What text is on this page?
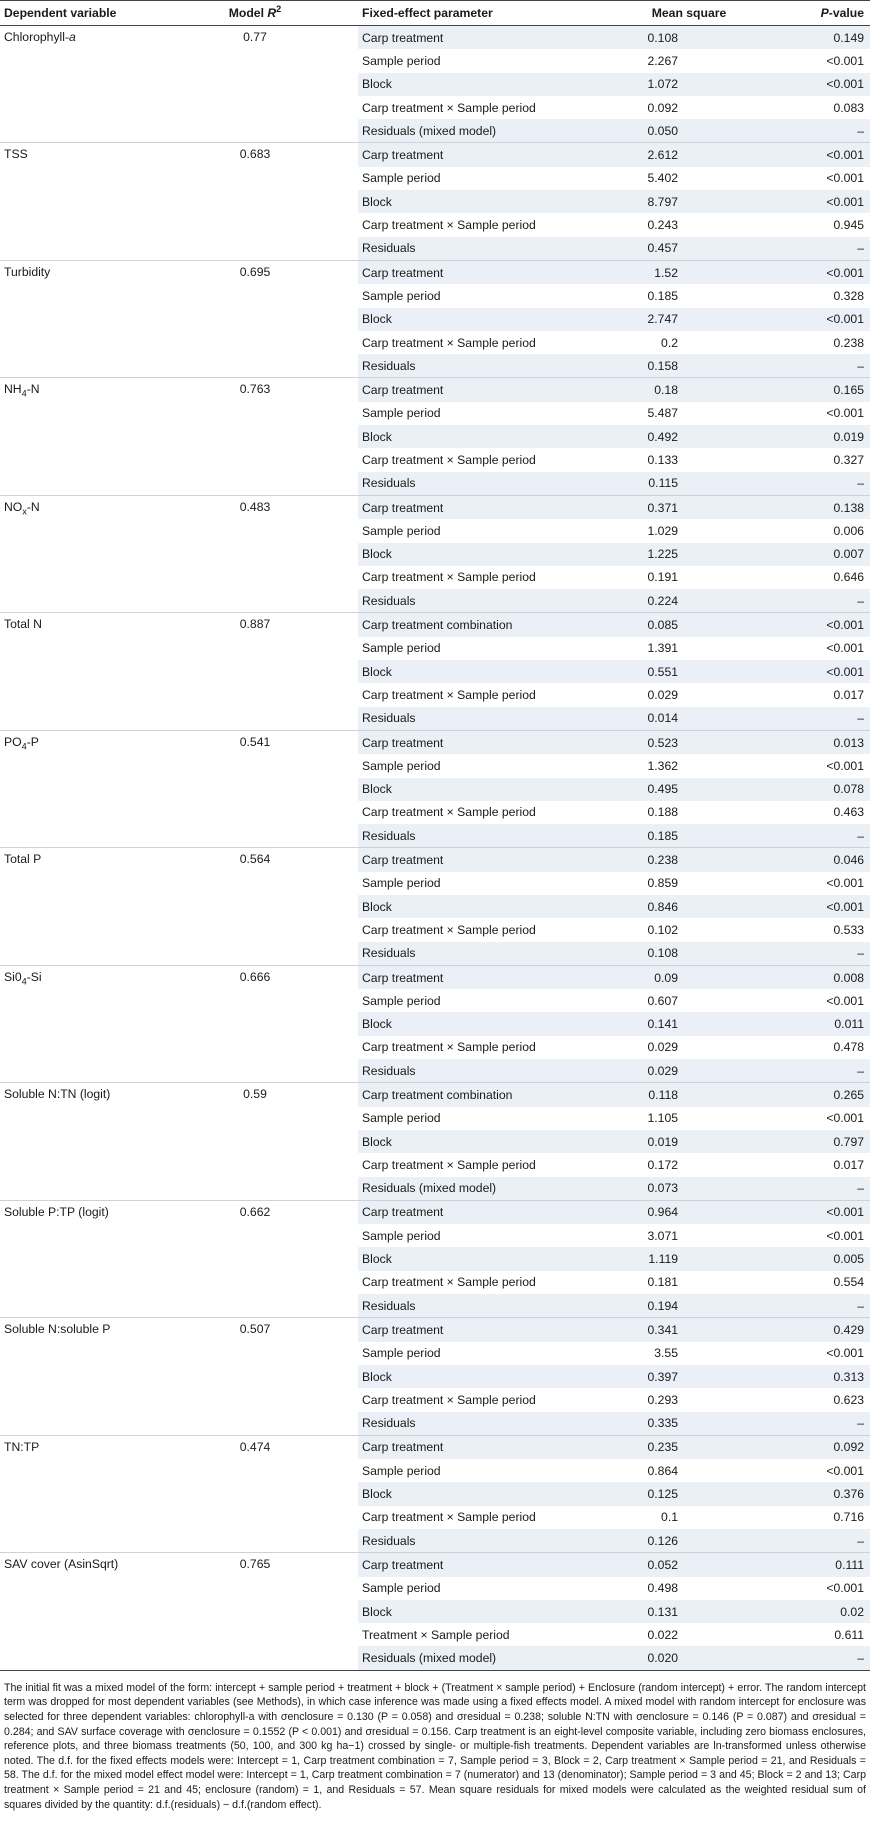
Dependent variable	Model $R^2$		Fixed-effect parameter	Mean square	P-value
Chlorophyll-a	0.77		Carp treatment	0.108	0.149
			Sample period	2.267	<0.001
			Block	1.072	<0.001
			Carp treatment × Sample period	0.092	0.083
			Residuals (mixed model)	0.050	–
TSS	0.683		Carp treatment	2.612	<0.001
			Sample period	5.402	<0.001
			Block	8.797	<0.001
			Carp treatment × Sample period	0.243	0.945
			Residuals	0.457	–
Turbidity	0.695		Carp treatment	1.52	<0.001
			Sample period	0.185	0.328
			Block	2.747	<0.001
			Carp treatment × Sample period	0.2	0.238
			Residuals	0.158	–
$NH_4-N$	0.763		Carp treatment	0.18	0.165
			Sample period	5.487	<0.001
			Block	0.492	0.019
			Carp treatment × Sample period	0.133	0.327
			Residuals	0.115	–
$NO_x-N$	0.483		Carp treatment	0.371	0.138
			Sample period	1.029	0.006
			Block	1.225	0.007
			Carp treatment × Sample period	0.191	0.646
			Residuals	0.224	–
Total N	0.887		Carp treatment combination	0.085	<0.001
			Sample period	1.391	<0.001
			Block	0.551	<0.001
			Carp treatment × Sample period	0.029	0.017
			Residuals	0.014	–
$PO_4-P$	0.541		Carp treatment	0.523	0.013
			Sample period	1.362	<0.001
			Block	0.495	0.078
			Carp treatment × Sample period	0.188	0.463
			Residuals	0.185	–
Total P	0.564		Carp treatment	0.238	0.046
			Sample period	0.859	<0.001
			Block	0.846	<0.001
			Carp treatment × Sample period	0.102	0.533
			Residuals	0.108	–
$Si0_4-Si$	0.666		Carp treatment	0.09	0.008
			Sample period	0.607	<0.001
			Block	0.141	0.011
			Carp treatment × Sample period	0.029	0.478
			Residuals	0.029	–
Soluble N:TN (logit)	0.59		Carp treatment combination	0.118	0.265
			Sample period	1.105	<0.001
			Block	0.019	0.797
			Carp treatment × Sample period	0.172	0.017
			Residuals (mixed model)	0.073	–
Soluble P:TP (logit)	0.662		Carp treatment	0.964	<0.001
			Sample period	3.071	<0.001
			Block	1.119	0.005
			Carp treatment × Sample period	0.181	0.554
			Residuals	0.194	–
Soluble N:soluble P	0.507		Carp treatment	0.341	0.429
			Sample period	3.55	<0.001
			Block	0.397	0.313
			Carp treatment × Sample period	0.293	0.623
			Residuals	0.335	–
TN:TP	0.474		Carp treatment	0.235	0.092
			Sample period	0.864	<0.001
			Block	0.125	0.376
			Carp treatment × Sample period	0.1	0.716
			Residuals	0.126	–
SAV cover (AsinSqrt)	0.765		Carp treatment	0.052	0.111
			Sample period	0.498	<0.001
			Block	0.131	0.02
			Treatment × Sample period	0.022	0.611
			Residuals (mixed model)	0.020	–
The initial fit was a mixed model of the form: intercept + sample period + treatment + block + (Treatment × sample period) + Enclosure (random intercept) + error. The random intercept term was dropped for most dependent variables (see Methods), in which case inference was made using a fixed effects model. A mixed model with random intercept for enclosure was selected for three dependent variables: chlorophyll-a with σenclosure = 0.130 (P = 0.058) and σresidual = 0.238; soluble N:TN with σenclosure = 0.146 (P = 0.087) and σresidual = 0.284; and SAV surface coverage with σenclosure = 0.1552 (P < 0.001) and σresidual = 0.156. Carp treatment is an eight-level composite variable, including zero biomass enclosures, reference plots, and three biomass treatments (50, 100, and 300 kg ha−1) crossed by single- or multiple-fish treatments. Dependent variables are ln-transformed unless otherwise noted. The d.f. for the fixed effects models were: Intercept = 1, Carp treatment combination = 7, Sample period = 3, Block = 2, Carp treatment × Sample period = 21, and Residuals = 58. The d.f. for the mixed model effect model were: Intercept = 1, Carp treatment combination = 7 (numerator) and 13 (denominator); Sample period = 3 and 45; Block = 2 and 13; Carp treatment × Sample period = 21 and 45; enclosure (random) = 1, and Residuals = 57. Mean square residuals for mixed models were calculated as the weighted residual sum of squares divided by the quantity: d.f.(residuals) − d.f.(random effect).
